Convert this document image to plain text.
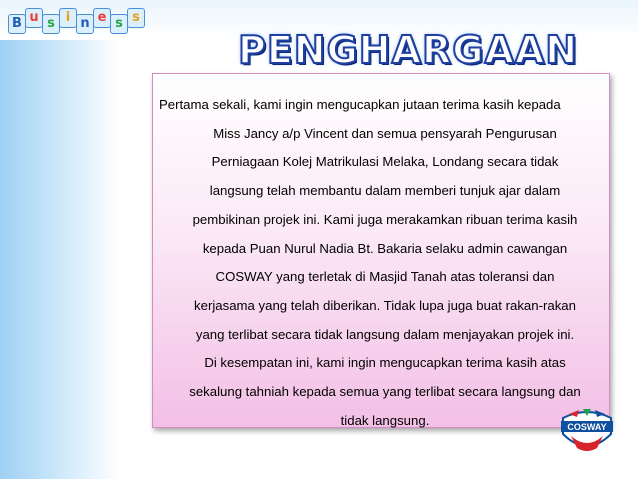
B u s i n e s s
PENGHARGAAN
Pertama sekali, kami ingin mengucapkan jutaan terima kasih kepada
Miss Jancy a/p Vincent dan semua pensyarah Pengurusan
Perniagaan Kolej Matrikulasi Melaka, Londang secara tidak
langsung telah membantu dalam memberi tunjuk ajar dalam
pembikinan projek ini. Kami juga merakamkan ribuan terima kasih
kepada Puan Nurul Nadia Bt. Bakaria selaku admin cawangan
COSWAY yang terletak di Masjid Tanah atas toleransi dan
kerjasama yang telah diberikan. Tidak lupa juga buat rakan-rakan
yang terlibat secara tidak langsung dalam menjayakan projek ini.
Di kesempatan ini, kami ingin mengucapkan terima kasih atas
sekalung tahniah kepada semua yang terlibat secara langsung dan
tidak langsung.	COSWAY
